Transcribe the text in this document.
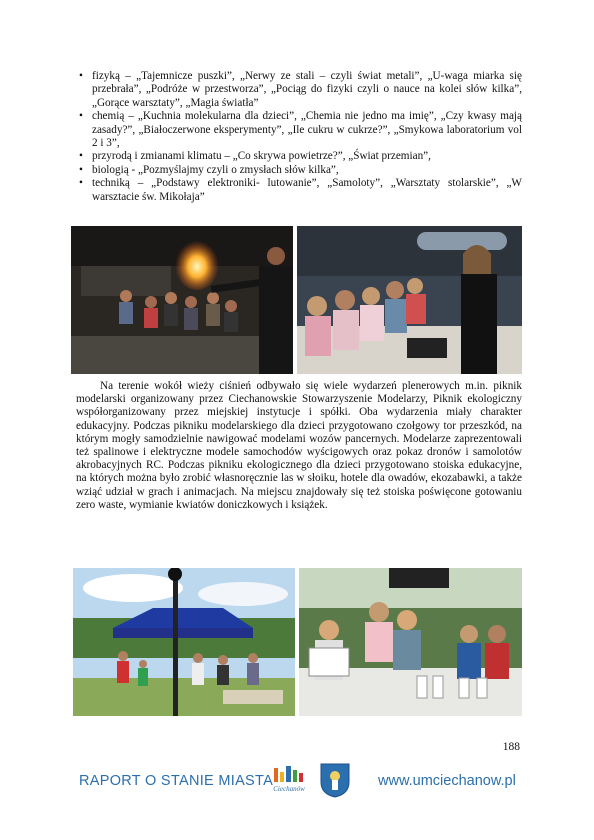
• fizyką – „Tajemnicze puszki”, „Nerwy ze stali – czyli świat metali”, „U-waga miarka się przebrała”, „Podróże w przestworza”, „Pociąg do fizyki czyli o nauce na kolei słów kilka”, „Gorące warsztaty”, „Magia światła”
• chemią – „Kuchnia molekularna dla dzieci”, „Chemia nie jedno ma imię”, „Czy kwasy mają zasady?”, „Białoczerwone eksperymenty”, „Ile cukru w cukrze?”, „Smykowa laboratorium vol 2 i 3”,
• przyrodą i zmianami klimatu – „Co skrywa powietrze?”, „Świat przemian”,
• biologią - „Pozmyślajmy czyli o zmysłach słów kilka”,
• techniką – „Podstawy elektroniki- lutowanie”, „Samoloty”, „Warsztaty stolarskie”, „W warsztacie św. Mikołaja”

Na terenie wokół wieży ciśnień odbywało się wiele wydarzeń plenerowych m.in. piknik modelarski organizowany przez Ciechanowskie Stowarzyszenie Modelarzy, Piknik ekologiczny współorganizowany przez miejskiej instytucje i spółki. Oba wydarzenia miały charakter edukacyjny. Podczas pikniku modelarskiego dla dzieci przygotowano czołgowy tor przeszkód, na którym mogły samodzielnie nawigować modelami wozów pancernych. Modelarze zaprezentowali też spalinowe i elektryczne modele samochodów wyścigowych oraz pokaz dronów i samolotów akrobacyjnych RC. Podczas pikniku ekologicznego dla dzieci przygotowano stoiska edukacyjne, na których można było zrobić własnoręcznie las w słoiku, hotele dla owadów, ekozabawki, a także wziąć udział w grach i animacjach. Na miejscu znajdowały się też stoiska poświęcone gotowaniu zero waste, wymianie kwiatów doniczkowych i książek.

188
RAPORT O STANIE MIASTA Ciechanów	www.umciechanow.pl
